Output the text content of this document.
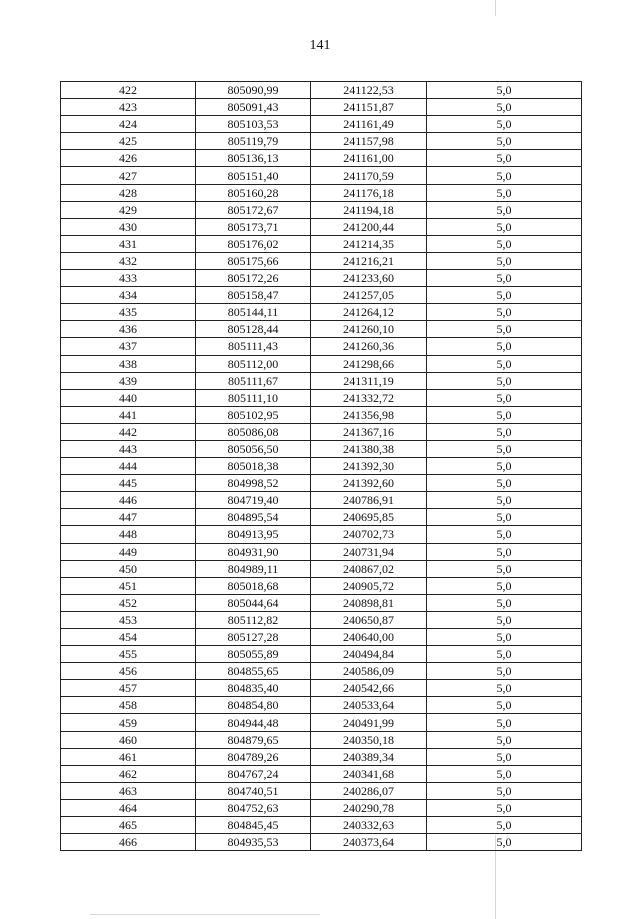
141
422	805090,99	241122,53	5,0
423	805091,43	241151,87	5,0
424	805103,53	241161,49	5,0
425	805119,79	241157,98	5,0
426	805136,13	241161,00	5,0
427	805151,40	241170,59	5,0
428	805160,28	241176,18	5,0
429	805172,67	241194,18	5,0
430	805173,71	241200,44	5,0
431	805176,02	241214,35	5,0
432	805175,66	241216,21	5,0
433	805172,26	241233,60	5,0
434	805158,47	241257,05	5,0
435	805144,11	241264,12	5,0
436	805128,44	241260,10	5,0
437	805111,43	241260,36	5,0
438	805112,00	241298,66	5,0
439	805111,67	241311,19	5,0
440	805111,10	241332,72	5,0
441	805102,95	241356,98	5,0
442	805086,08	241367,16	5,0
443	805056,50	241380,38	5,0
444	805018,38	241392,30	5,0
445	804998,52	241392,60	5,0
446	804719,40	240786,91	5,0
447	804895,54	240695,85	5,0
448	804913,95	240702,73	5,0
449	804931,90	240731,94	5,0
450	804989,11	240867,02	5,0
451	805018,68	240905,72	5,0
452	805044,64	240898,81	5,0
453	805112,82	240650,87	5,0
454	805127,28	240640,00	5,0
455	805055,89	240494,84	5,0
456	804855,65	240586,09	5,0
457	804835,40	240542,66	5,0
458	804854,80	240533,64	5,0
459	804944,48	240491,99	5,0
460	804879,65	240350,18	5,0
461	804789,26	240389,34	5,0
462	804767,24	240341,68	5,0
463	804740,51	240286,07	5,0
464	804752,63	240290,78	5,0
465	804845,45	240332,63	5,0
466	804935,53	240373,64	5,0
